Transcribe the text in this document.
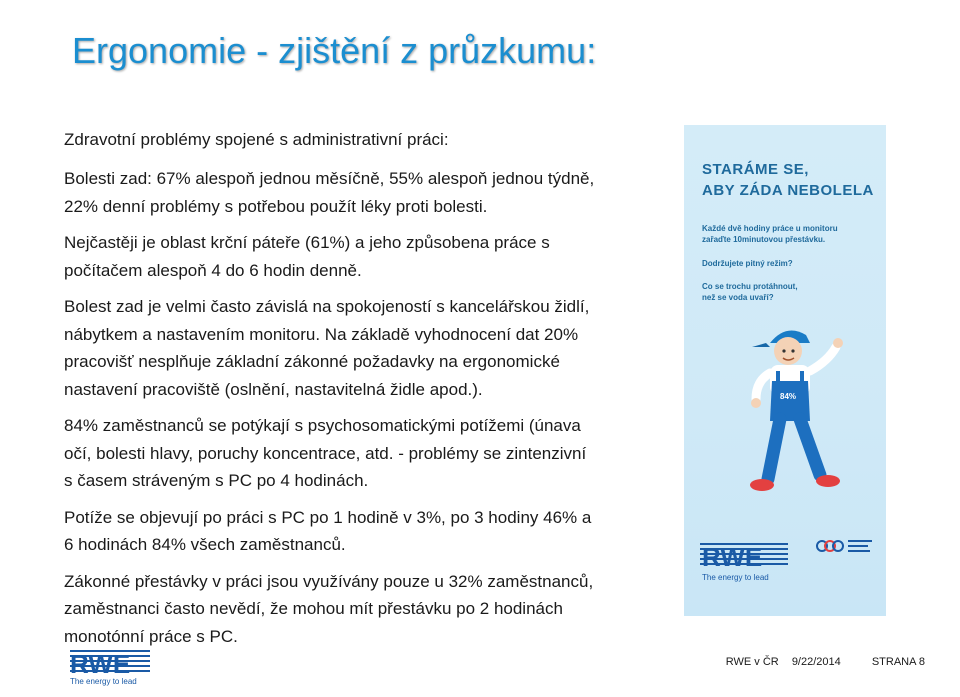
Ergonomie - zjištění z průzkumu:

Zdravotní problémy spojené s administrativní práci:

Bolesti zad: 67% alespoň jednou měsíčně, 55% alespoň jednou týdně,
22% denní problémy s potřebou použít léky proti bolesti.

Nejčastěji je oblast krční páteře (61%) a jeho způsobena práce s
počítačem alespoň 4 do 6 hodin denně.

Bolest zad je velmi často závislá na spokojeností s kancelářskou židlí,
nábytkem a nastavením monitoru. Na základě vyhodnocení dat 20%
pracovišť nesplňuje základní zákonné požadavky na ergonomické
nastavení pracoviště (oslnění, nastavitelná židle apod.).

84% zaměstnanců se potýkají s psychosomatickými potížemi (únava
očí, bolesti hlavy, poruchy koncentrace, atd. - problémy se zintenzivní
s časem stráveným s PC po 4 hodinách.

Potíže se objevují po práci s PC po 1 hodině v 3%, po 3 hodiny 46% a
6 hodinách 84% všech zaměstnanců.

Zákonné přestávky v práci jsou využívány pouze u 32% zaměstnanců,
zaměstnanci často nevědí, že mohou mít přestávku po 2 hodinách
monotónní práce s PC.

STARÁME SE,
ABY ZÁDA NEBOLELA
Každé dvě hodiny práce u monitoru
zařaďte 10minutovou přestávku.
Dodržujete pitný režim?
Co se trochu protáhnout,
než se voda uvaří?
84%
RWE
The energy to lead
RWE
The energy to lead
RWE v ČR 9/22/2014	STRANA 8
